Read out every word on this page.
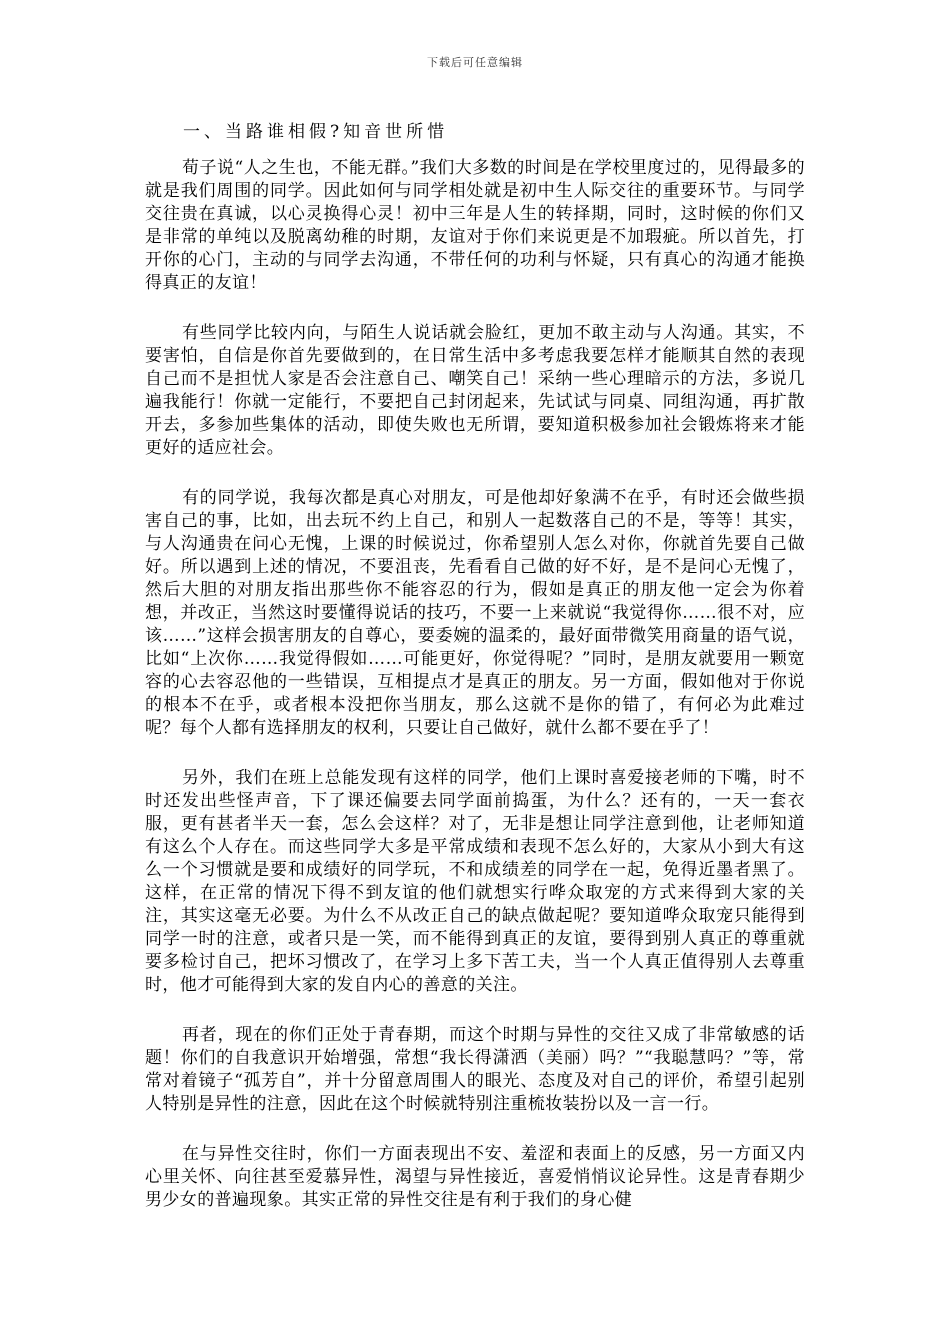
下载后可任意编辑
一、当路谁相假?知音世所惜

荀子说“人之生也，不能无群。”我们大多数的时间是在学校里度过的，见得最多的就是我们周围的同学。因此如何与同学相处就是初中生人际交往的重要环节。与同学交往贵在真诚，以心灵换得心灵！初中三年是人生的转择期，同时，这时候的你们又是非常的单纯以及脱离幼稚的时期，友谊对于你们来说更是不加瑕疵。所以首先，打开你的心门，主动的与同学去沟通，不带任何的功利与怀疑，只有真心的沟通才能换得真正的友谊！

有些同学比较内向，与陌生人说话就会脸红，更加不敢主动与人沟通。其实，不要害怕，自信是你首先要做到的，在日常生活中多考虑我要怎样才能顺其自然的表现自己而不是担忧人家是否会注意自己、嘲笑自己！采纳一些心理暗示的方法，多说几遍我能行！你就一定能行，不要把自己封闭起来，先试试与同桌、同组沟通，再扩散开去，多参加些集体的活动，即使失败也无所谓，要知道积极参加社会锻炼将来才能更好的适应社会。

有的同学说，我每次都是真心对朋友，可是他却好象满不在乎，有时还会做些损害自己的事，比如，出去玩不约上自己，和别人一起数落自己的不是，等等！其实，与人沟通贵在问心无愧，上课的时候说过，你希望别人怎么对你，你就首先要自己做好。所以遇到上述的情况，不要沮丧，先看看自己做的好不好，是不是问心无愧了，然后大胆的对朋友指出那些你不能容忍的行为，假如是真正的朋友他一定会为你着想，并改正，当然这时要懂得说话的技巧，不要一上来就说“我觉得你……很不对，应该……”这样会损害朋友的自尊心，要委婉的温柔的，最好面带微笑用商量的语气说，比如“上次你……我觉得假如……可能更好，你觉得呢？”同时，是朋友就要用一颗宽容的心去容忍他的一些错误，互相提点才是真正的朋友。另一方面，假如他对于你说的根本不在乎，或者根本没把你当朋友，那么这就不是你的错了，有何必为此难过呢？每个人都有选择朋友的权利，只要让自己做好，就什么都不要在乎了！

另外，我们在班上总能发现有这样的同学，他们上课时喜爱接老师的下嘴，时不时还发出些怪声音，下了课还偏要去同学面前捣蛋，为什么？还有的，一天一套衣服，更有甚者半天一套，怎么会这样？对了，无非是想让同学注意到他，让老师知道有这么个人存在。而这些同学大多是平常成绩和表现不怎么好的，大家从小到大有这么一个习惯就是要和成绩好的同学玩，不和成绩差的同学在一起，免得近墨者黑了。这样，在正常的情况下得不到友谊的他们就想实行哗众取宠的方式来得到大家的关注，其实这毫无必要。为什么不从改正自己的缺点做起呢？要知道哗众取宠只能得到同学一时的注意，或者只是一笑，而不能得到真正的友谊，要得到别人真正的尊重就要多检讨自己，把坏习惯改了，在学习上多下苦工夫，当一个人真正值得别人去尊重时，他才可能得到大家的发自内心的善意的关注。

再者，现在的你们正处于青春期，而这个时期与异性的交往又成了非常敏感的话题！你们的自我意识开始增强，常想“我长得潇洒（美丽）吗？”“我聪慧吗？”等，常常对着镜子“孤芳自”，并十分留意周围人的眼光、态度及对自己的评价，希望引起别人特别是异性的注意，因此在这个时候就特别注重梳妆装扮以及一言一行。

在与异性交往时，你们一方面表现出不安、羞涩和表面上的反感，另一方面又内心里关怀、向往甚至爱慕异性，渴望与异性接近，喜爱悄悄议论异性。这是青春期少男少女的普遍现象。其实正常的异性交往是有利于我们的身心健
